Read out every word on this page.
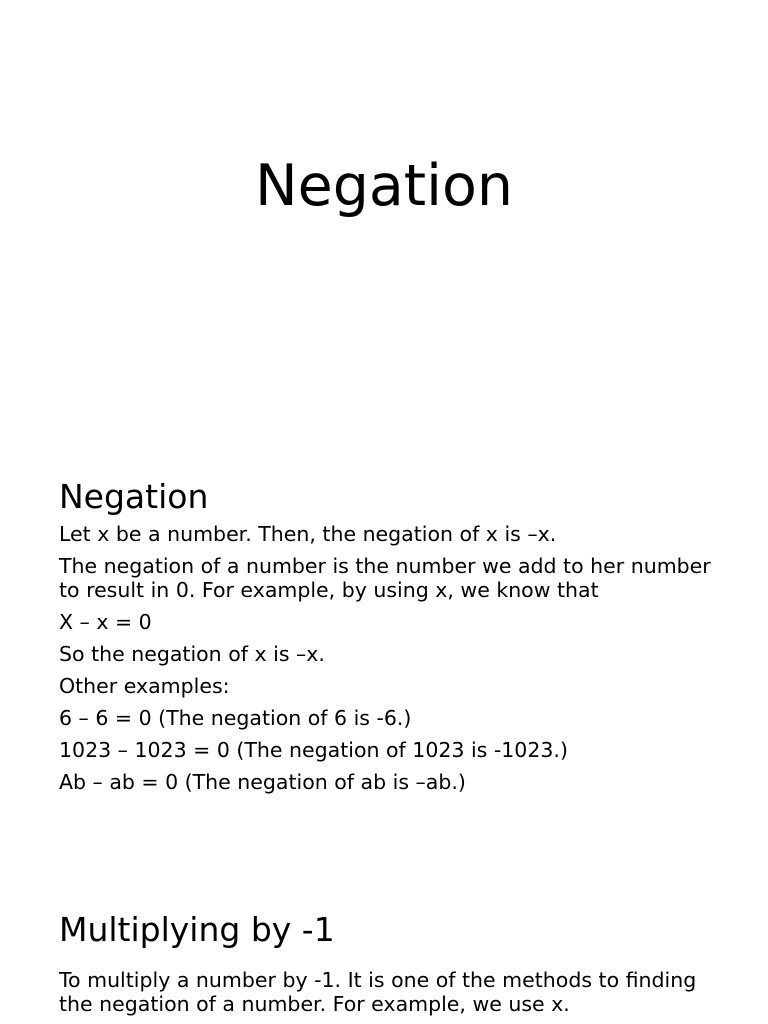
Negation
Negation

Let x be a number. Then, the negation of x is –x.

The negation of a number is the number we add to her number to result in 0. For example, by using x, we know that

X – x = 0

So the negation of x is –x.

Other examples:

6 – 6 = 0 (The negation of 6 is -6.)

1023 – 1023 = 0 (The negation of 1023 is -1023.)

Ab – ab = 0 (The negation of ab is –ab.)

Multiplying by -1

To multiply a number by -1. It is one of the methods to finding the negation of a number. For example, we use x.
